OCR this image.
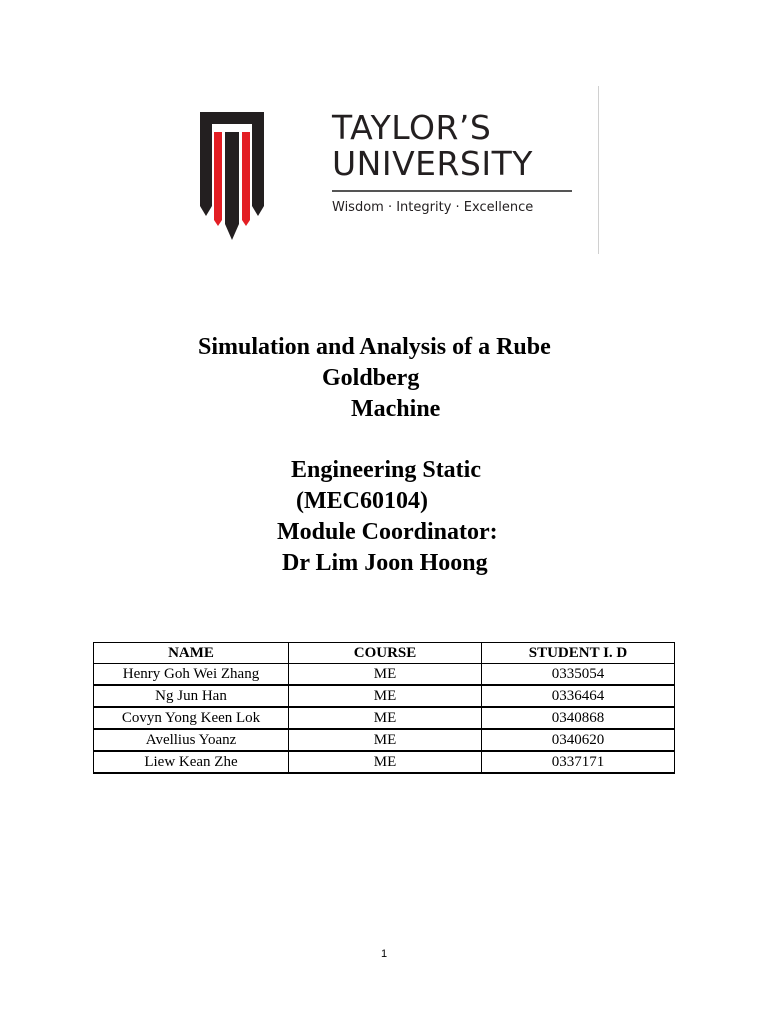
TAYLOR’S
UNIVERSITY
Wisdom · Integrity · Excellence
Simulation and Analysis of a Rube
Goldberg
Machine
Engineering Static
(MEC60104)
Module Coordinator:
Dr Lim Joon Hoong
NAME	COURSE	STUDENT I. D
Henry Goh Wei Zhang	ME	0335054
Ng Jun Han	ME	0336464
Covyn Yong Keen Lok	ME	0340868
Avellius Yoanz	ME	0340620
Liew Kean Zhe	ME	0337171
1
